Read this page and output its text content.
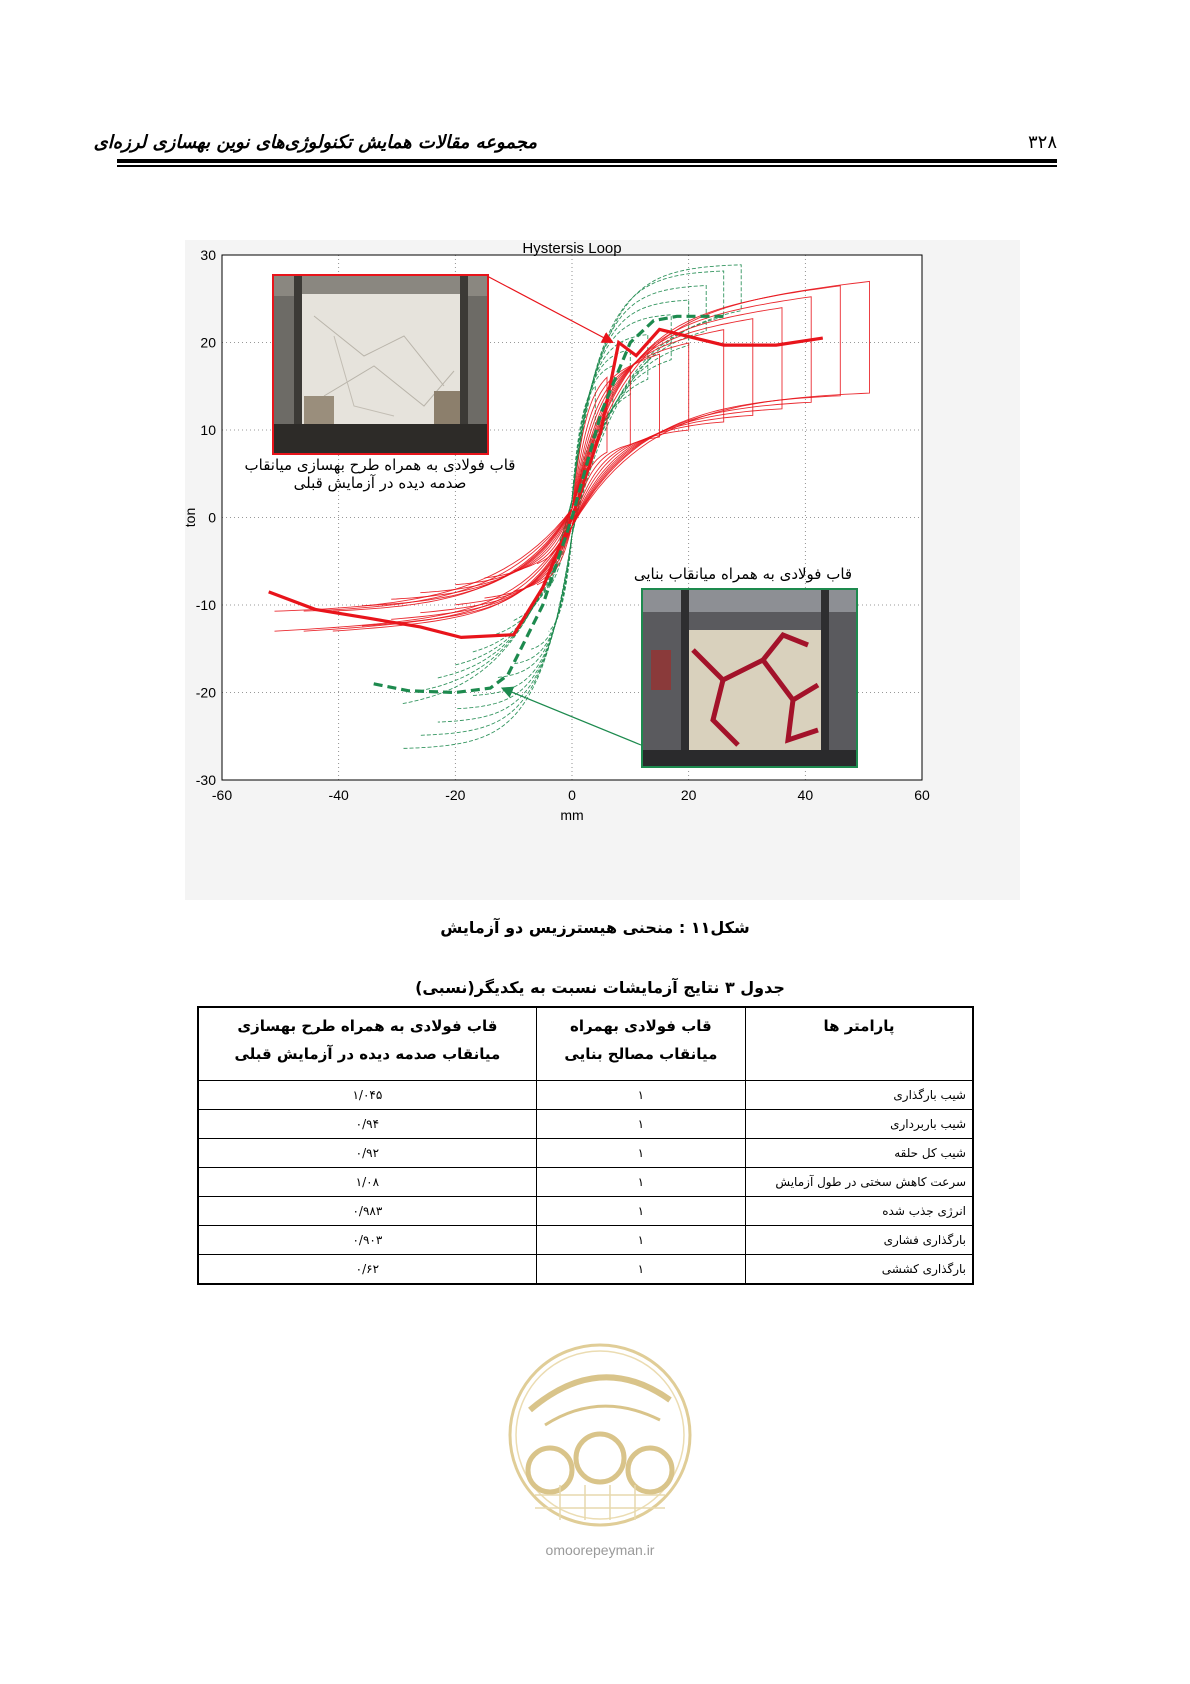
مجموعه مقالات همایش تکنولوژی‌های نوین بهسازی لرزه‌ای	۳۲۸
-60	-40	-20	0	20	40	60
30
20
10
0
-10
-20
-30
Hystersis Loop
mm
ton
قاب فولادی به همراه طرح بهسازی میانقاب
صدمه دیده در آزمایش قبلی
قاب فولادی به همراه میانقاب بنایی
شکل۱۱ : منحنی هیسترزیس دو آزمایش
جدول ۳ نتایج آزمایشات نسبت به یکدیگر(نسبی)
پارامتر ها	قاب فولادی بهمراه میانقاب مصالح بنایی	قاب فولادی به همراه طرح بهسازی میانقاب صدمه دیده در آزمایش قبلی
شیب بارگذاری	۱	۱/۰۴۵
شیب باربرداری	۱	۰/۹۴
شیب کل حلقه	۱	۰/۹۲
سرعت کاهش سختی در طول آزمایش	۱	۱/۰۸
انرژی جذب شده	۱	۰/۹۸۳
بارگذاری فشاری	۱	۰/۹۰۳
بارگذاری کششی	۱	۰/۶۲
omoorepeyman.ir
